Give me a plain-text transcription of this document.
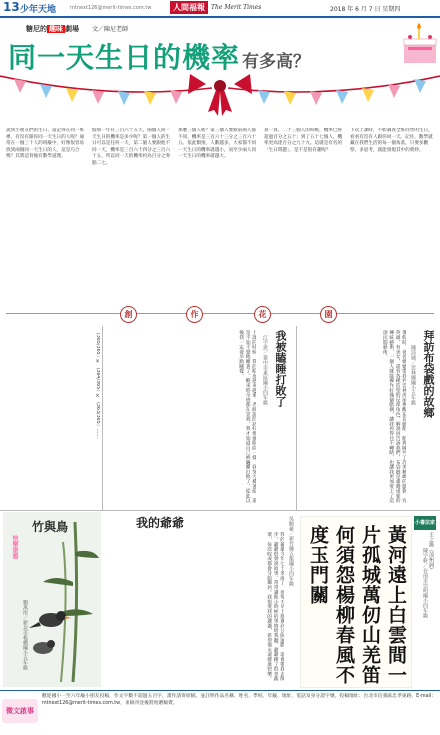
13 少年天地	mtnext126@merit-times.com.tw	人間福報	The Merit Times	2018 年 6 月 7 日 星期四
糖尼的 趣味 劇場 文／陳尼老師
同一天生日的機率 有多高？
說到小朋友們的生日，還記得在同一班裡，有沒有跟你同一天生日的人呢？通常在一個三十人的班級中，好像很容易找到兩個同一天生日的人，這是巧合嗎？其實這背後有數學道理。
假如一年有三百六十五天，兩個人同一天生日的機率是多少呢？第一個人的生日可以是任何一天，第二個人要跟他不同一天，機率是三百六十四分之三百六十五，所以同一天的機率約為百分之零點二七。
那麼三個人呢？第三個人要跟前兩人都不同，機率是三百六十三分之三百六十五。依此類推，人數越多，大家都不同一天生日的機率就越小，而至少兩人同一天生日的機率就越大。
算一算，二十三個人的時候，機率已經超過百分之五十；到了五十七個人，機率更高達百分之九十九。這就是有名的「生日問題」，是不是很有趣呢？
下次上課時，不妨調查全班同學的生日，看看有沒有人跟你同一天。記住，數學就藏在我們生活的每一個角落，只要多觀察、多思考，就能發現其中的奧妙。
創	作	花	園
拜訪布袋戲的故鄉
陳沛婕／雲林縣國小五年級
暑假時，爸爸媽媽帶我到雲林虎尾參觀布袋戲館，館裡陳列了許多精緻的戲偶，有英雄、有美女，還有各種造型的反派角色。解說員告訴我們，布袋戲是臺灣重要的傳統藝術，一個人就能操作好幾個戲偶，讓我看得目不轉睛，也讓我更加愛上了這項民間藝術。
我被瞌睡打敗了
江宇恩／臺中市東區國小四年級
上課的時候，我的眼皮越來越重，老師說的話好像催眠曲一樣，我努力撐著頭，還是不知不覺地睡著了。醒來時全班都在笑我，我才知道自己被瞌睡打敗了，從此以後我一定要早點睡覺。
（365/365）×（364/365）×（363/365）……
竹與鳥
快樂塗鴉
劉禹彤／新北市板橋國小五年級
我的爺爺	吳駿豪／新竹縣五龍國小四年級
我的爺爺今年七十多歲了，他每天早上都會到公園運動，還會帶我去散步。爺爺很會說故事，常常講他小時候的事情給我聽。爺爺種了很多蔬菜，每次收成都會分給鄰居。我很愛我的爺爺，希望他永遠健康快樂。	黃河遠上白雲間一
片孤城萬仞山羌笛
何須怨楊柳春風不
度玉門關
小書法家
王之渙《涼州詞》
陳宇軒／台南市崇明國小四年級
徵文啟事
歡迎國小一至六年級小朋友投稿，作文字數不超過五百字，畫作請寄原稿，並註明作品名稱、姓名、學校、年級、地址、電話及身分證字號。投稿地址：台北市信義區忠孝東路，E-mail：mtnext126@merit-times.com.tw，來稿刊登後將致贈稿費。
